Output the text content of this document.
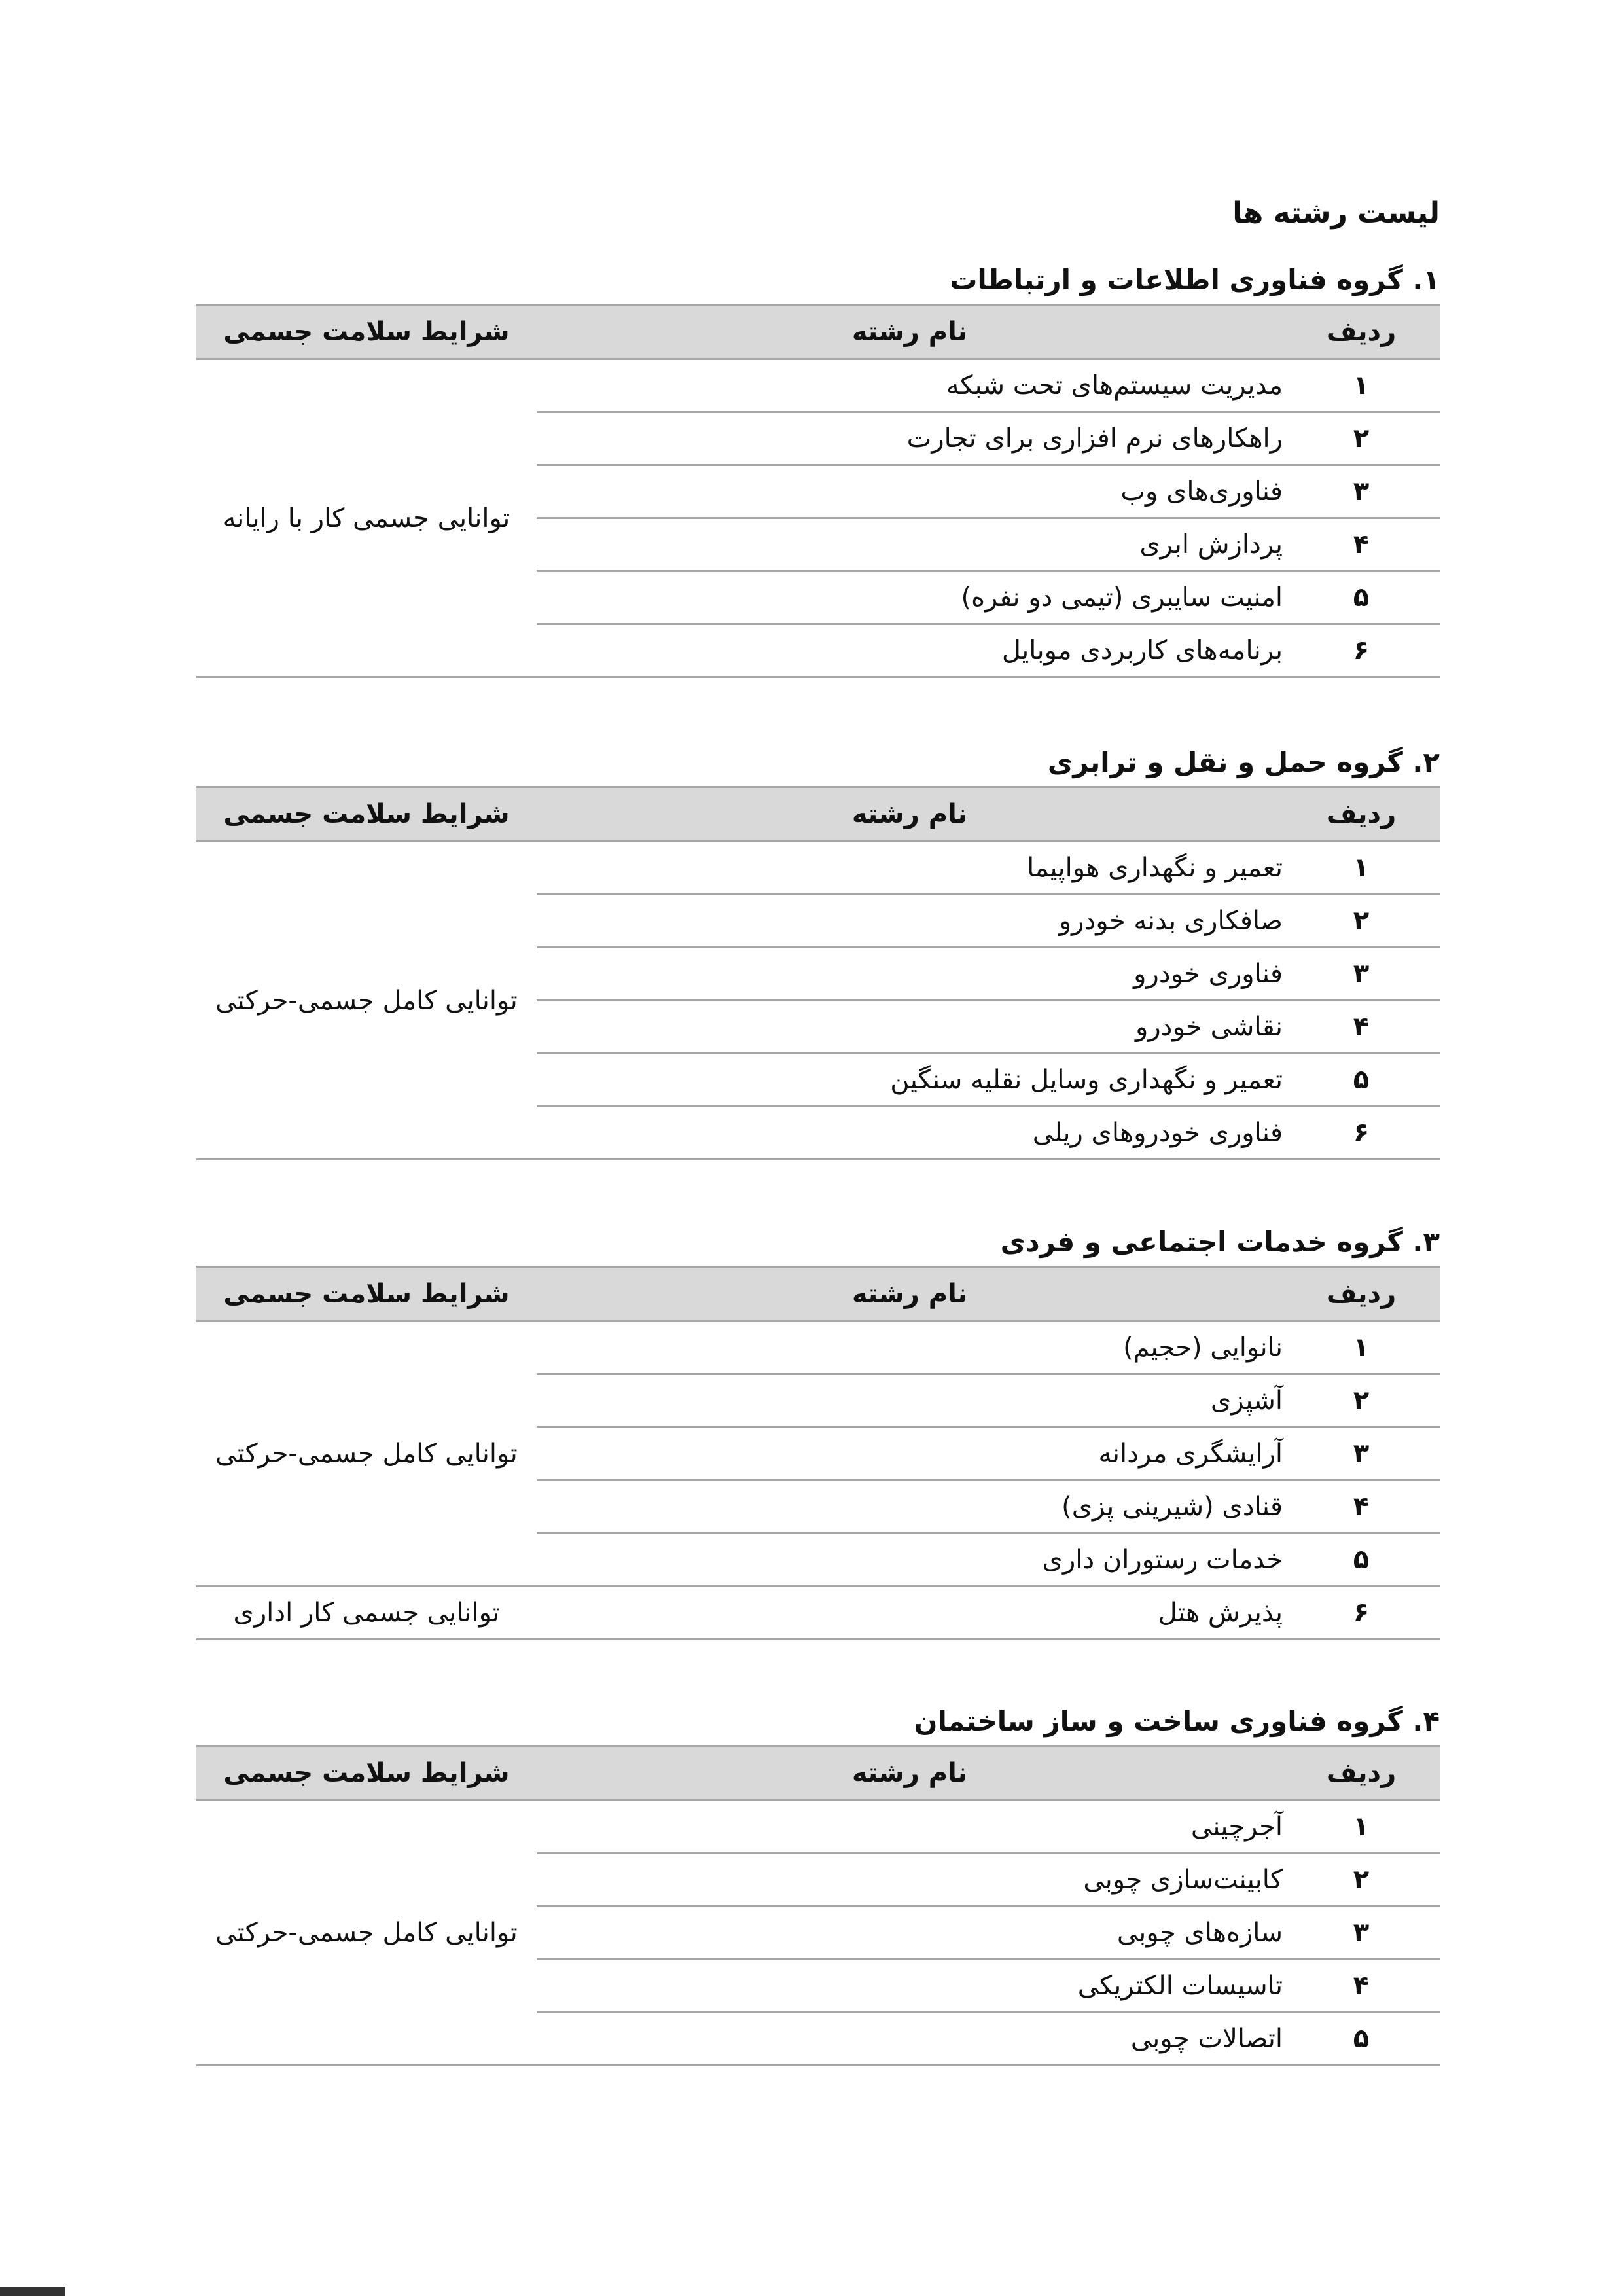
لیست رشته ها
۱. گروه فناوری اطلاعات و ارتباطات
ردیف	نام رشته	شرایط سلامت جسمی
۱	مدیریت سیستم‌های تحت شبکه	توانایی جسمی کار با رایانه
۲	راهکارهای نرم افزاری برای تجارت	
۳	فناوری‌های وب	
۴	پردازش ابری	
۵	امنیت سایبری (تیمی دو نفره)	
۶	برنامه‌های کاربردی موبایل	
۲. گروه حمل و نقل و ترابری
ردیف	نام رشته	شرایط سلامت جسمی
۱	تعمیر و نگهداری هواپیما	توانایی کامل جسمی-حرکتی
۲	صافکاری بدنه خودرو	
۳	فناوری خودرو	
۴	نقاشی خودرو	
۵	تعمیر و نگهداری وسایل نقلیه سنگین	
۶	فناوری خودروهای ریلی	
۳. گروه خدمات اجتماعی و فردی
ردیف	نام رشته	شرایط سلامت جسمی
۱	نانوایی (حجیم)	توانایی کامل جسمی-حرکتی
۲	آشپزی	
۳	آرایشگری مردانه	
۴	قنادی (شیرینی پزی)	
۵	خدمات رستوران داری	
۶	پذیرش هتل	توانایی جسمی کار اداری
۴. گروه فناوری ساخت و ساز ساختمان
ردیف	نام رشته	شرایط سلامت جسمی
۱	آجرچینی	توانایی کامل جسمی-حرکتی
۲	کابینت‌سازی چوبی	
۳	سازه‌های چوبی	
۴	تاسیسات الکتریکی	
۵	اتصالات چوبی	
